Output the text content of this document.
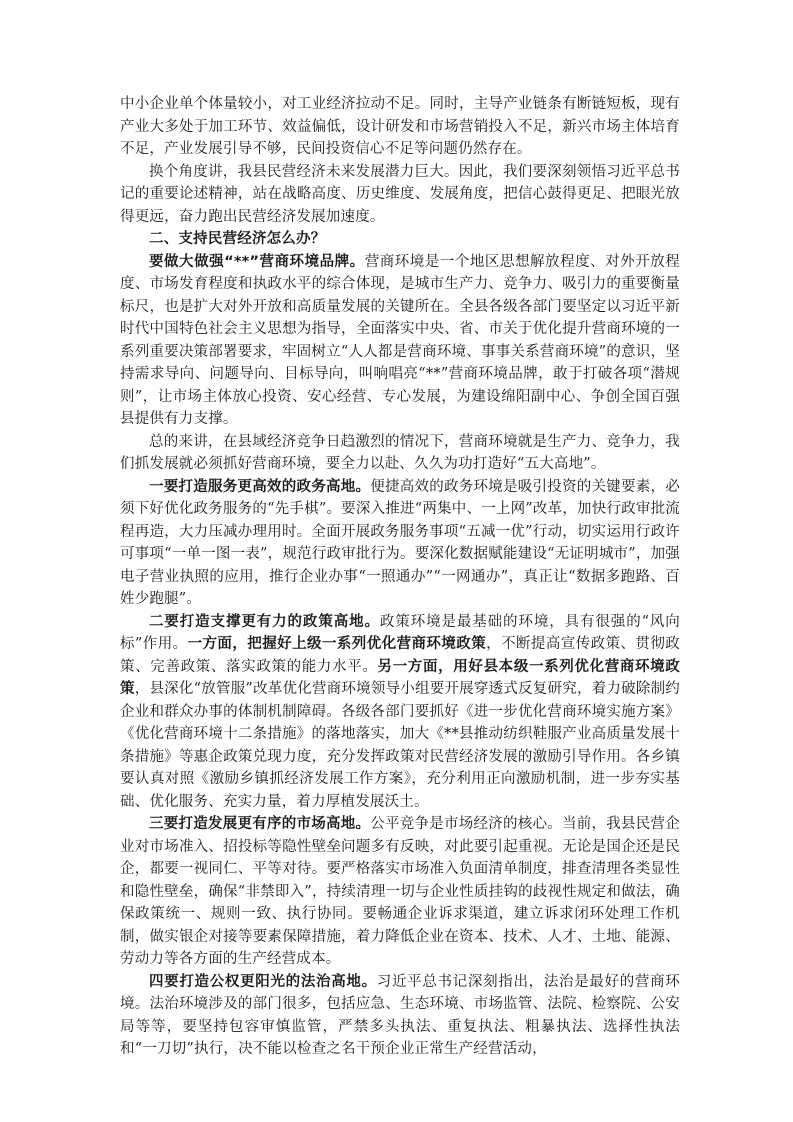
中小企业单个体量较小，对工业经济拉动不足。同时，主导产业链条有断链短板，现有产业大多处于加工环节、效益偏低，设计研发和市场营销投入不足，新兴市场主体培育不足，产业发展引导不够，民间投资信心不足等问题仍然存在。

换个角度讲，我县民营经济未来发展潜力巨大。因此，我们要深刻领悟习近平总书记的重要论述精神，站在战略高度、历史维度、发展角度，把信心鼓得更足、把眼光放得更远，奋力跑出民营经济发展加速度。

二、支持民营经济怎么办？

要做大做强“**”营商环境品牌。营商环境是一个地区思想解放程度、对外开放程度、市场发育程度和执政水平的综合体现，是城市生产力、竞争力、吸引力的重要衡量标尺，也是扩大对外开放和高质量发展的关键所在。全县各级各部门要坚定以习近平新时代中国特色社会主义思想为指导，全面落实中央、省、市关于优化提升营商环境的一系列重要决策部署要求，牢固树立“人人都是营商环境、事事关系营商环境”的意识，坚持需求导向、问题导向、目标导向，叫响唱亮“**”营商环境品牌，敢于打破各项“潜规则”，让市场主体放心投资、安心经营、专心发展，为建设绵阳副中心、争创全国百强县提供有力支撑。

总的来讲，在县域经济竞争日趋激烈的情况下，营商环境就是生产力、竞争力，我们抓发展就必须抓好营商环境，要全力以赴、久久为功打造好“五大高地”。

一要打造服务更高效的政务高地。便捷高效的政务环境是吸引投资的关键要素，必须下好优化政务服务的“先手棋”。要深入推进“两集中、一上网”改革，加快行政审批流程再造，大力压减办理用时。全面开展政务服务事项“五减一优”行动，切实运用行政许可事项“一单一图一表”，规范行政审批行为。要深化数据赋能建设“无证明城市”，加强电子营业执照的应用，推行企业办事“一照通办”“一网通办”，真正让“数据多跑路、百姓少跑腿”。

二要打造支撑更有力的政策高地。政策环境是最基础的环境，具有很强的“风向标”作用。一方面，把握好上级一系列优化营商环境政策，不断提高宣传政策、贯彻政策、完善政策、落实政策的能力水平。另一方面，用好县本级一系列优化营商环境政策，县深化“放管服”改革优化营商环境领导小组要开展穿透式反复研究，着力破除制约企业和群众办事的体制机制障碍。各级各部门要抓好《进一步优化营商环境实施方案》《优化营商环境十二条措施》的落地落实，加大《**县推动纺织鞋服产业高质量发展十条措施》等惠企政策兑现力度，充分发挥政策对民营经济发展的激励引导作用。各乡镇要认真对照《激励乡镇抓经济发展工作方案》，充分利用正向激励机制，进一步夯实基础、优化服务、充实力量，着力厚植发展沃土。

三要打造发展更有序的市场高地。公平竞争是市场经济的核心。当前，我县民营企业对市场准入、招投标等隐性壁垒问题多有反映，对此要引起重视。无论是国企还是民企，都要一视同仁、平等对待。要严格落实市场准入负面清单制度，排查清理各类显性和隐性壁垒，确保“非禁即入”，持续清理一切与企业性质挂钩的歧视性规定和做法，确保政策统一、规则一致、执行协同。要畅通企业诉求渠道，建立诉求闭环处理工作机制，做实银企对接等要素保障措施，着力降低企业在资本、技术、人才、土地、能源、劳动力等各方面的生产经营成本。

四要打造公权更阳光的法治高地。习近平总书记深刻指出，法治是最好的营商环境。法治环境涉及的部门很多，包括应急、生态环境、市场监管、法院、检察院、公安局等等，要坚持包容审慎监管，严禁多头执法、重复执法、粗暴执法、选择性执法和“一刀切”执行，决不能以检查之名干预企业正常生产经营活动，
